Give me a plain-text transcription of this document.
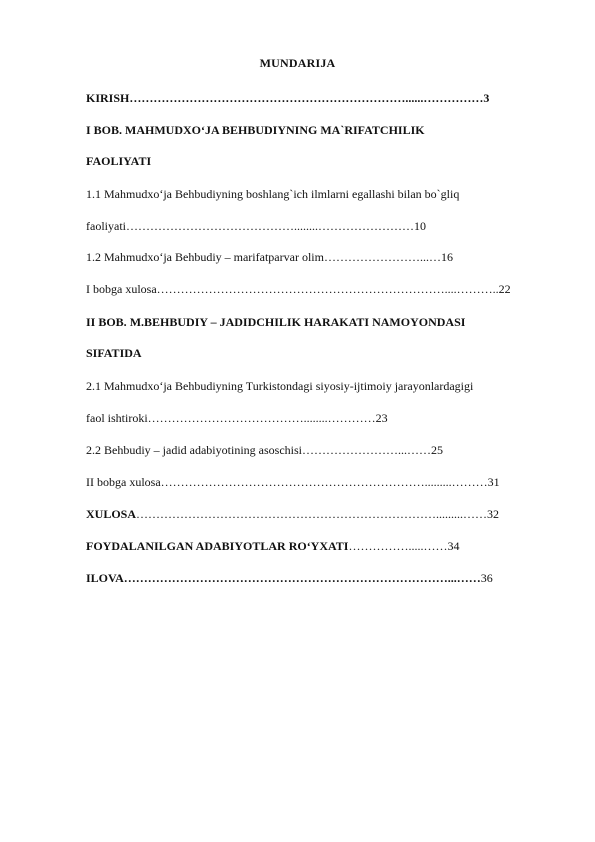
MUNDARIJA
KIRISH……………………………………………………………......……………3
I BOB. MAHMUDXO‘JA BEHBUDIYNING MA`RIFATCHILIK
FAOLIYATI
1.1 Mahmudxo‘ja Behbudiyning boshlang`ich ilmlarni egallashi bilan bo`gliq
faoliyati……………………………………........……………………10
1.2 Mahmudxo‘ja Behbudiy – marifatparvar olim……………………...…16
I bobga xulosa………………………………………………………………....………..22
II BOB. M.BEHBUDIY – JADIDCHILIK HARAKATI NAMOYONDASI
SIFATIDA
2.1 Mahmudxo‘ja Behbudiyning Turkistondagi siyosiy-ijtimoiy jarayonlardagigi
faol ishtiroki…………………………………........…………23
2.2 Behbudiy – jadid adabiyotining asoschisi……………………...……25
II bobga xulosa………………………………………………………….........………31
XULOSA………………………………………………………………….........……32
FOYDALANILGAN ADABIYOTLAR RO‘YXATI…………….....……34
ILOVA………………………………………………………………………...……36
